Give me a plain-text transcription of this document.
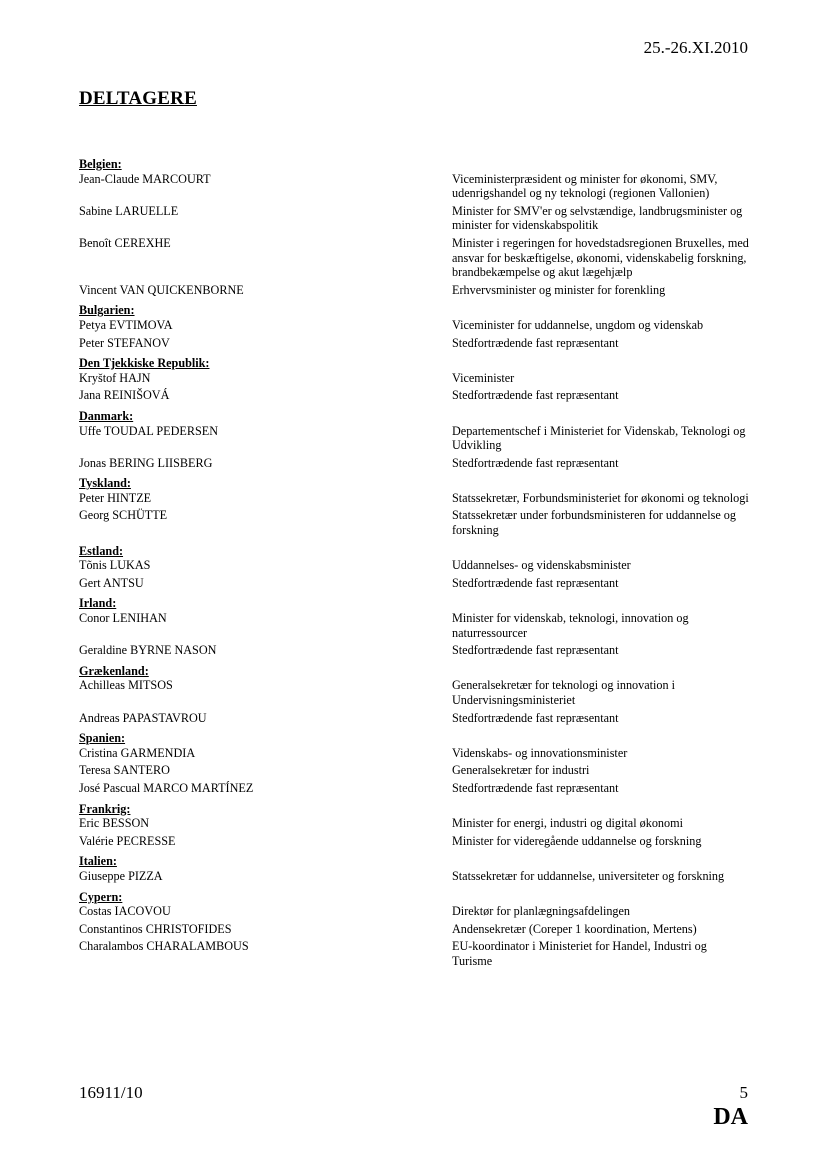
25.-26.XI.2010
DELTAGERE
Belgien:
Jean-Claude MARCOURT	Viceministerpræsident og minister for økonomi, SMV, udenrigshandel og ny teknologi (regionen Vallonien)
Sabine LARUELLE	Minister for SMV'er og selvstændige, landbrugsminister og minister for videnskabspolitik
Benoît CEREXHE	Minister i regeringen for hovedstadsregionen Bruxelles, med ansvar for beskæftigelse, økonomi, videnskabelig forskning, brandbekæmpelse og akut lægehjælp
Vincent VAN QUICKENBORNE	Erhvervsminister og minister for forenkling
Bulgarien:
Petya EVTIMOVA	Viceminister for uddannelse, ungdom og videnskab
Peter STEFANOV	Stedfortrædende fast repræsentant
Den Tjekkiske Republik:
Kryštof HAJN	Viceminister
Jana REINIŠOVÁ	Stedfortrædende fast repræsentant
Danmark:
Uffe TOUDAL PEDERSEN	Departementschef i Ministeriet for Videnskab, Teknologi og Udvikling
Jonas BERING LIISBERG	Stedfortrædende fast repræsentant
Tyskland:
Peter HINTZE	Statssekretær, Forbundsministeriet for økonomi og teknologi
Georg SCHÜTTE	Statssekretær under forbundsministeren for uddannelse og forskning
Estland:
Tõnis LUKAS	Uddannelses- og videnskabsminister
Gert ANTSU	Stedfortrædende fast repræsentant
Irland:
Conor LENIHAN	Minister for videnskab, teknologi, innovation og naturressourcer
Geraldine BYRNE NASON	Stedfortrædende fast repræsentant
Grækenland:
Achilleas MITSOS	Generalsekretær for teknologi og innovation i Undervisningsministeriet
Andreas PAPASTAVROU	Stedfortrædende fast repræsentant
Spanien:
Cristina GARMENDIA	Videnskabs- og innovationsminister
Teresa SANTERO	Generalsekretær for industri
José Pascual MARCO MARTÍNEZ	Stedfortrædende fast repræsentant
Frankrig:
Eric BESSON	Minister for energi, industri og digital økonomi
Valérie PECRESSE	Minister for videregående uddannelse og forskning
Italien:
Giuseppe PIZZA	Statssekretær for uddannelse, universiteter og forskning
Cypern:
Costas IACOVOU	Direktør for planlægningsafdelingen
Constantinos CHRISTOFIDES	Andensekretær (Coreper 1 koordination, Mertens)
Charalambos CHARALAMBOUS	EU-koordinator i Ministeriet for Handel, Industri og Turisme
16911/10	5
DA
